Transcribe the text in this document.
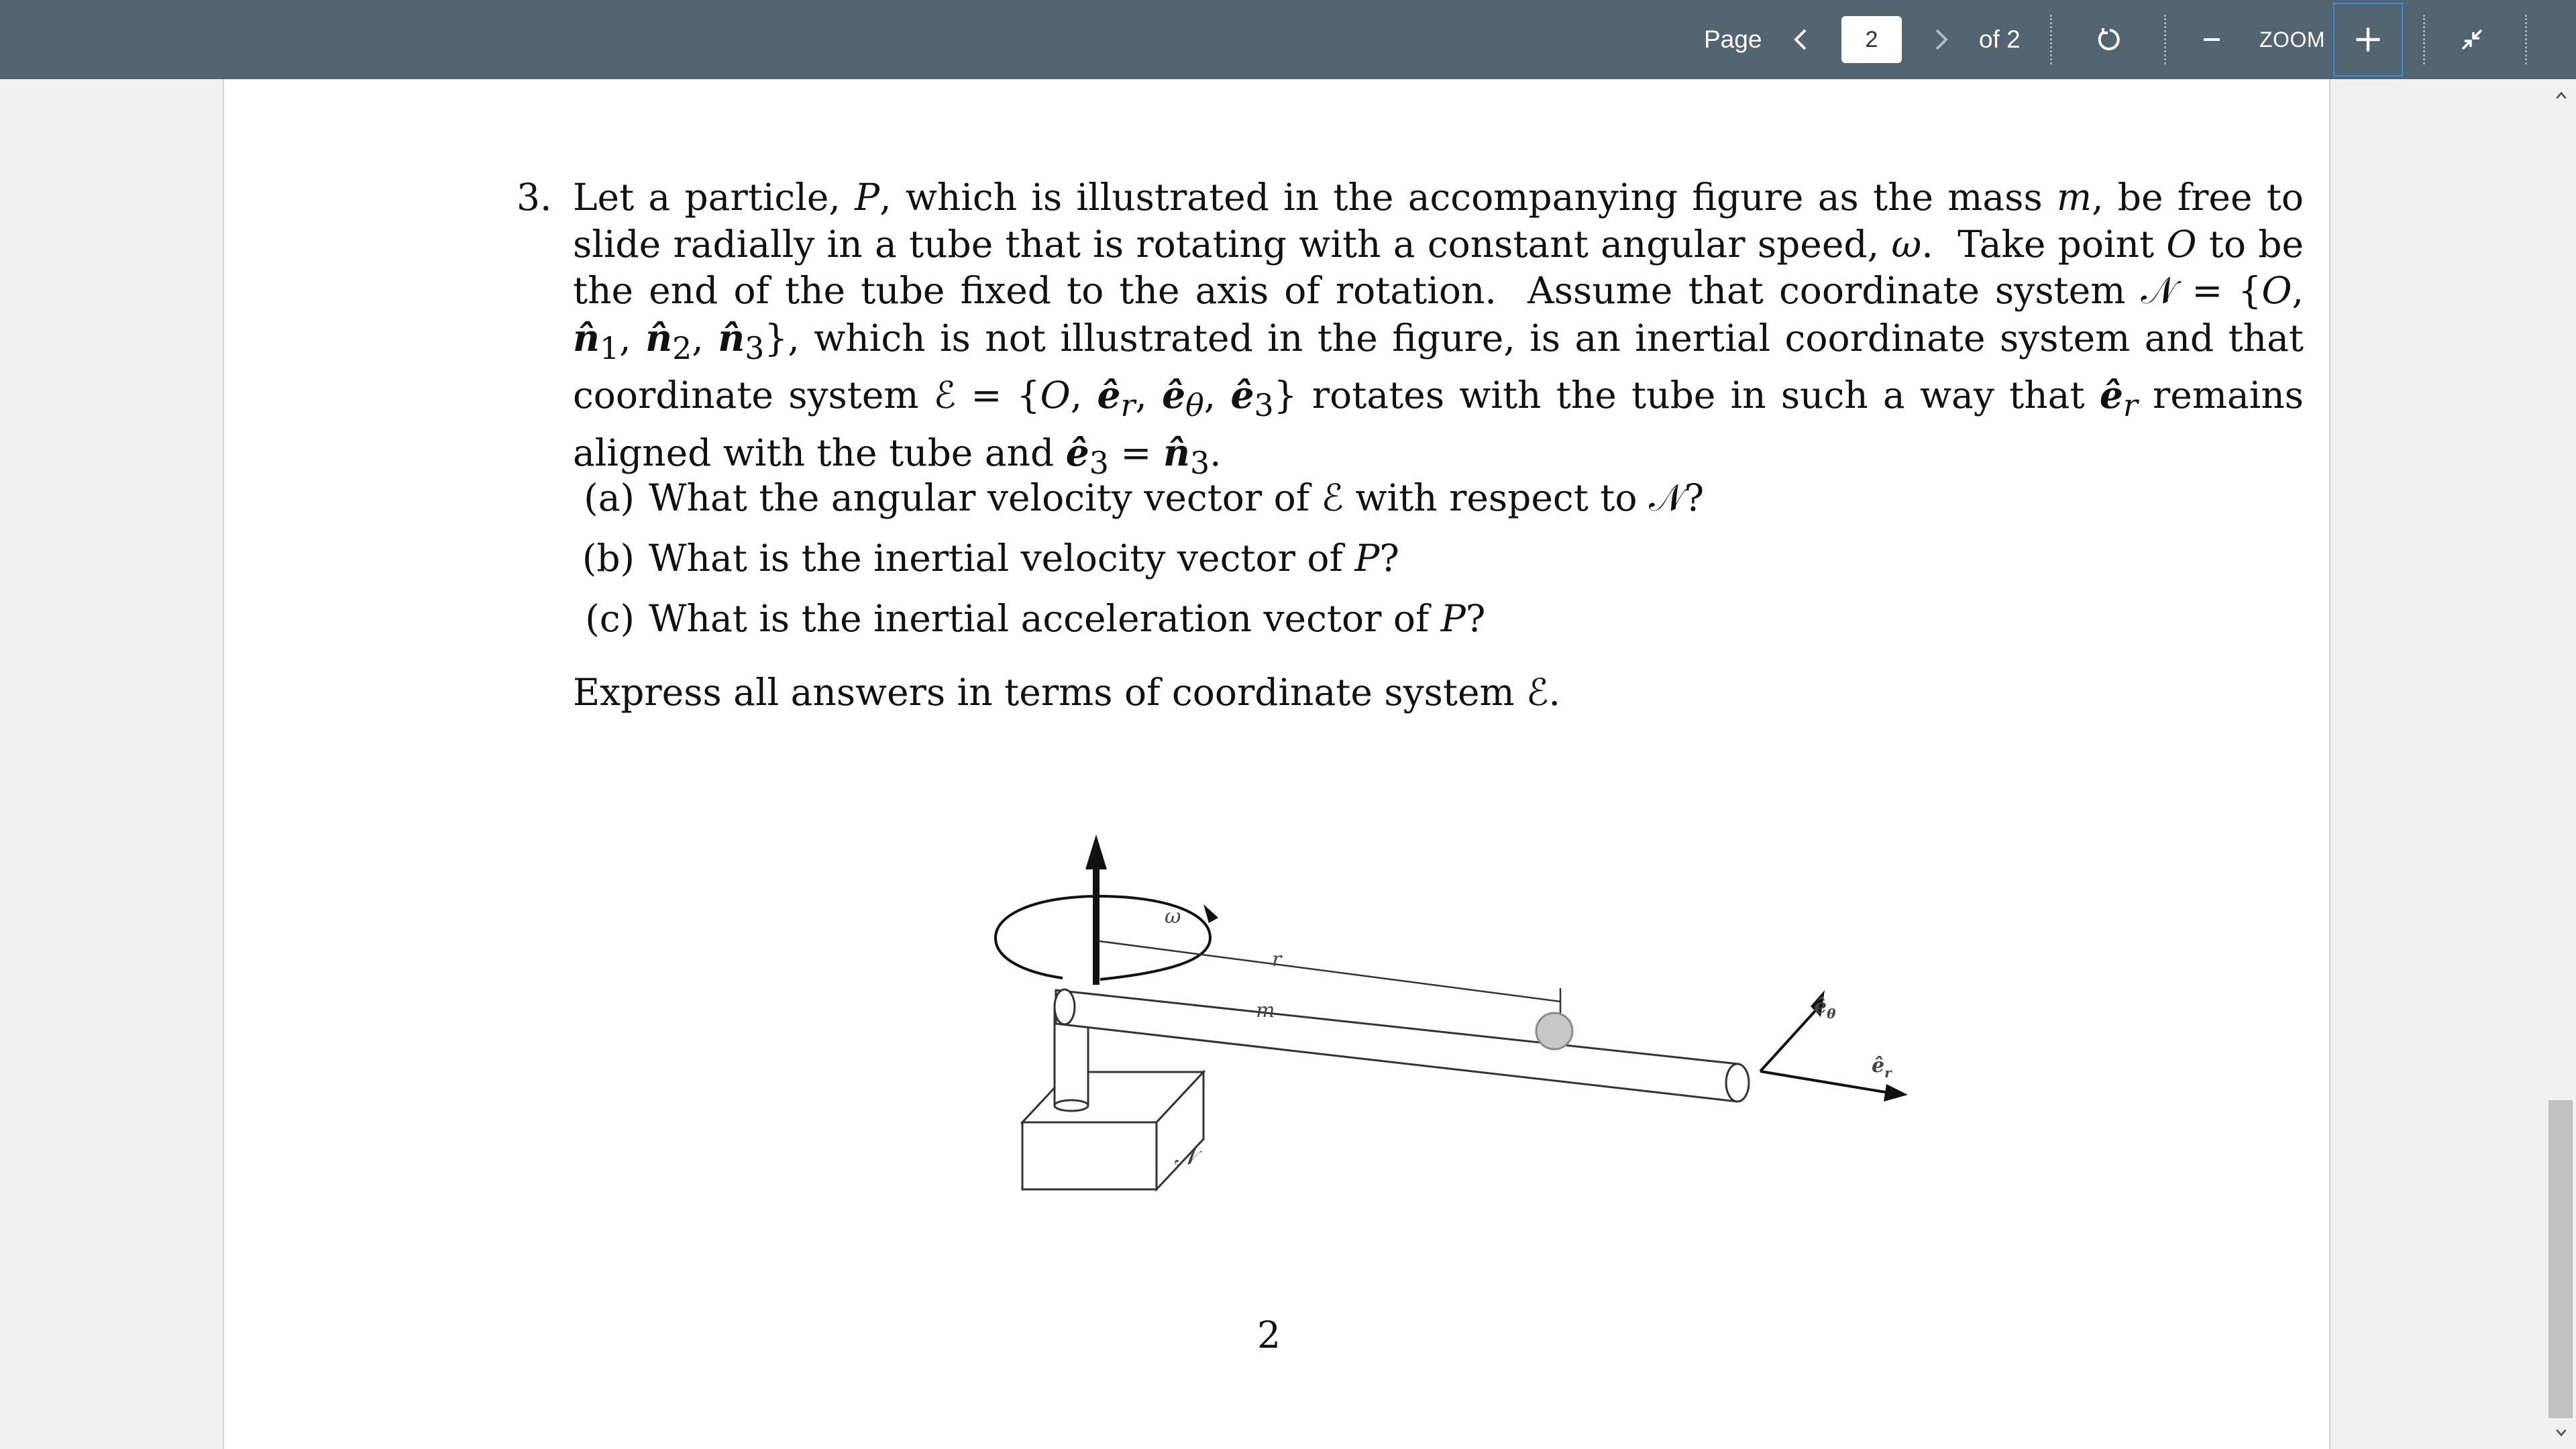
Page
2	of 2	ZOOM
3. Let a particle, P, which is illustrated in the accompanying figure as the mass m, be free to slide radially in a tube that is rotating with a constant angular speed, ω.  Take point O to be the end of the tube fixed to the axis of rotation.  Assume that coordinate system 𝒩 = {O, $n̂_1$, $n̂_2$, $n̂_3$}, which is not illustrated in the figure, is an inertial coordinate system and that coordinate system ℰ = {O, $ê_r$, $ê_\theta$, $ê_3$} rotates with the tube in such a way that $ê_r$ remains aligned with the tube and $ê_3$ = $n̂_3$.
(a) What the angular velocity vector of ℰ with respect to 𝒩?
(b) What is the inertial velocity vector of P?
(c) What is the inertial acceleration vector of P?
Express all answers in terms of coordinate system ℰ.
ω
r
m
𝒩
$ê_\theta$
$ê_r$
2
